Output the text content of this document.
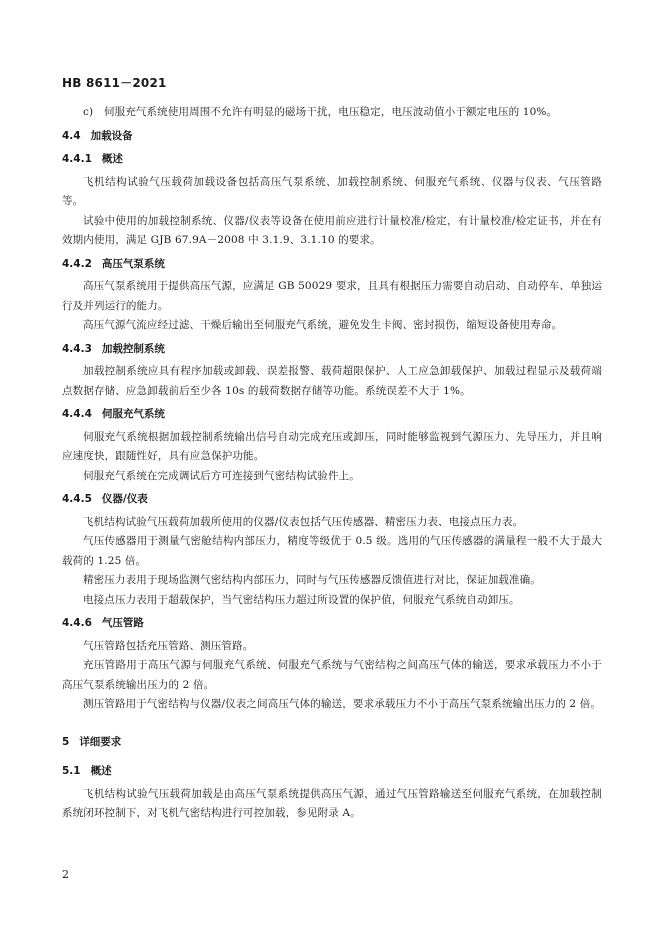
HB 8611－2021

c)　伺服充气系统使用周围不允许有明显的磁场干扰，电压稳定，电压波动值小于额定电压的 10%。

4.4 加载设备
4.4.1 概述

飞机结构试验气压载荷加载设备包括高压气泵系统、加载控制系统、伺服充气系统、仪器与仪表、气压管路等。

试验中使用的加载控制系统、仪器/仪表等设备在使用前应进行计量校准/检定，有计量校准/检定证书，并在有效期内使用，满足 GJB 67.9A－2008 中 3.1.9、3.1.10 的要求。

4.4.2 高压气泵系统

高压气泵系统用于提供高压气源，应满足 GB 50029 要求，且具有根据压力需要自动启动、自动停车、单独运行及并列运行的能力。

高压气源气流应经过滤、干燥后输出至伺服充气系统，避免发生卡阀、密封损伤，缩短设备使用寿命。

4.4.3 加载控制系统

加载控制系统应具有程序加载或卸载、误差报警、载荷超限保护、人工应急卸载保护、加载过程显示及载荷端点数据存储、应急卸载前后至少各 10s 的载荷数据存储等功能。系统误差不大于 1%。

4.4.4 伺服充气系统

伺服充气系统根据加载控制系统输出信号自动完成充压或卸压，同时能够监视到气源压力、先导压力，并且响应速度快，跟随性好，具有应急保护功能。

伺服充气系统在完成调试后方可连接到气密结构试验件上。

4.4.5 仪器/仪表

飞机结构试验气压载荷加载所使用的仪器/仪表包括气压传感器、精密压力表、电接点压力表。

气压传感器用于测量气密舱结构内部压力，精度等级优于 0.5 级。选用的气压传感器的满量程一般不大于最大载荷的 1.25 倍。

精密压力表用于现场监测气密结构内部压力，同时与气压传感器反馈值进行对比，保证加载准确。

电接点压力表用于超载保护，当气密结构压力超过所设置的保护值，伺服充气系统自动卸压。

4.4.6 气压管路

气压管路包括充压管路、测压管路。

充压管路用于高压气源与伺服充气系统、伺服充气系统与气密结构之间高压气体的输送，要求承载压力不小于高压气泵系统输出压力的 2 倍。

测压管路用于气密结构与仪器/仪表之间高压气体的输送，要求承载压力不小于高压气泵系统输出压力的 2 倍。

5 详细要求
5.1 概述

飞机结构试验气压载荷加载是由高压气泵系统提供高压气源，通过气压管路输送至伺服充气系统，在加载控制系统闭环控制下，对飞机气密结构进行可控加载，参见附录 A。

2
